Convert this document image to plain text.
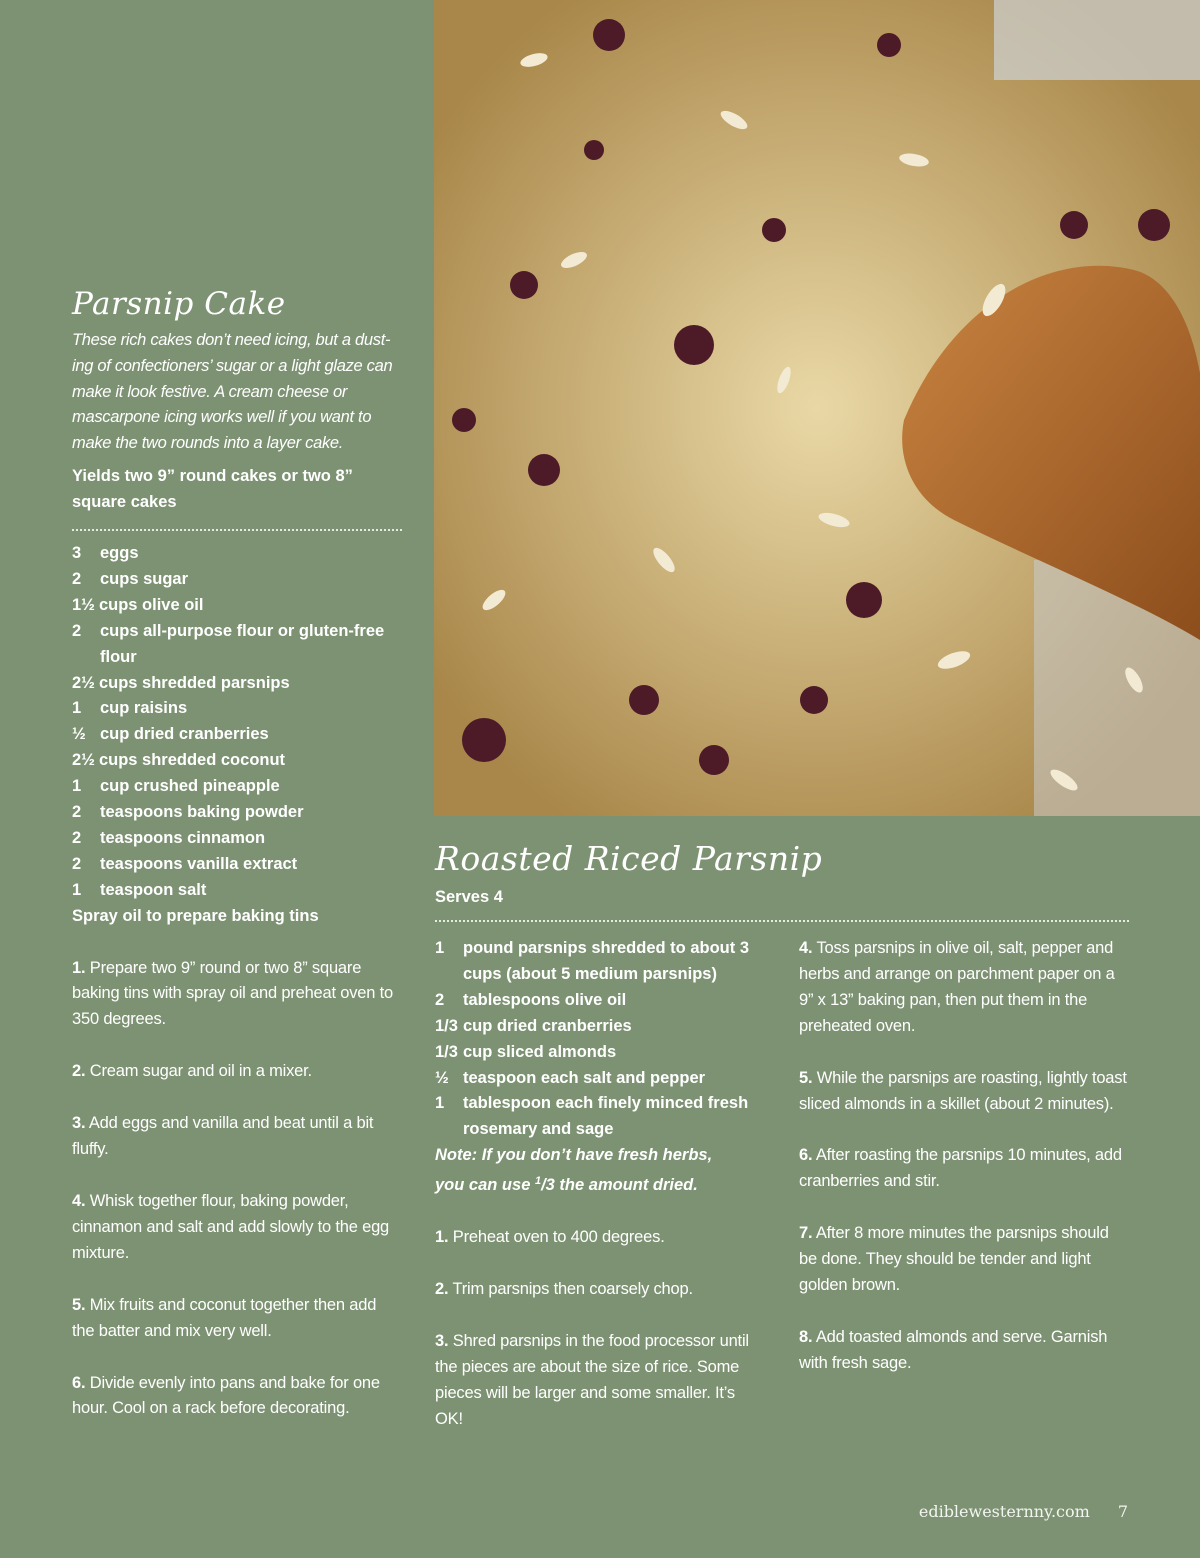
Parsnip Cake

These rich cakes don’t need icing, but a dust-ing of confectioners’ sugar or a light glaze can make it look festive. A cream cheese or mascarpone icing works well if you want to make the two rounds into a layer cake.

Yields two 9” round cakes or two 8” square cakes

3	eggs
2	cups sugar
1½ cups olive oil
2	cups all-purpose flour or gluten-free flour
2½ cups shredded parsnips
1	cup raisins
½ cup dried cranberries
2½ cups shredded coconut
1	cup crushed pineapple
2	teaspoons baking powder
2	teaspoons cinnamon
2	teaspoons vanilla extract
1	teaspoon salt
Spray oil to prepare baking tins
1. Prepare two 9” round or two 8” square baking tins with spray oil and preheat oven to 350 degrees.
2. Cream sugar and oil in a mixer.
3. Add eggs and vanilla and beat until a bit fluffy.
4. Whisk together flour, baking powder, cinnamon and salt and add slowly to the egg mixture.
5. Mix fruits and coconut together then add the batter and mix very well.
6. Divide evenly into pans and bake for one hour. Cool on a rack before decorating.
Roasted Riced Parsnip

Serves 4

1	pound parsnips shredded to about 3 cups (about 5 medium parsnips)
2	tablespoons olive oil
1/3 cup dried cranberries
1/3 cup sliced almonds
½ teaspoon each salt and pepper
1	tablespoon each finely minced fresh rosemary and sage

Note: If you don’t have fresh herbs,
you can use $^1$/3 the amount dried.

1. Preheat oven to 400 degrees.
2. Trim parsnips then coarsely chop.
3. Shred parsnips in the food processor until the pieces are about the size of rice. Some pieces will be larger and some smaller. It’s OK!
4. Toss parsnips in olive oil, salt, pepper and herbs and arrange on parchment paper on a 9” x 13” baking pan, then put them in the preheated oven.
5. While the parsnips are roasting, lightly toast sliced almonds in a skillet (about 2 minutes).
6. After roasting the parsnips 10 minutes, add cranberries and stir.
7. After 8 more minutes the parsnips should be done. They should be tender and light golden brown.
8. Add toasted almonds and serve. Garnish with fresh sage.
ediblewesternny.com 7
